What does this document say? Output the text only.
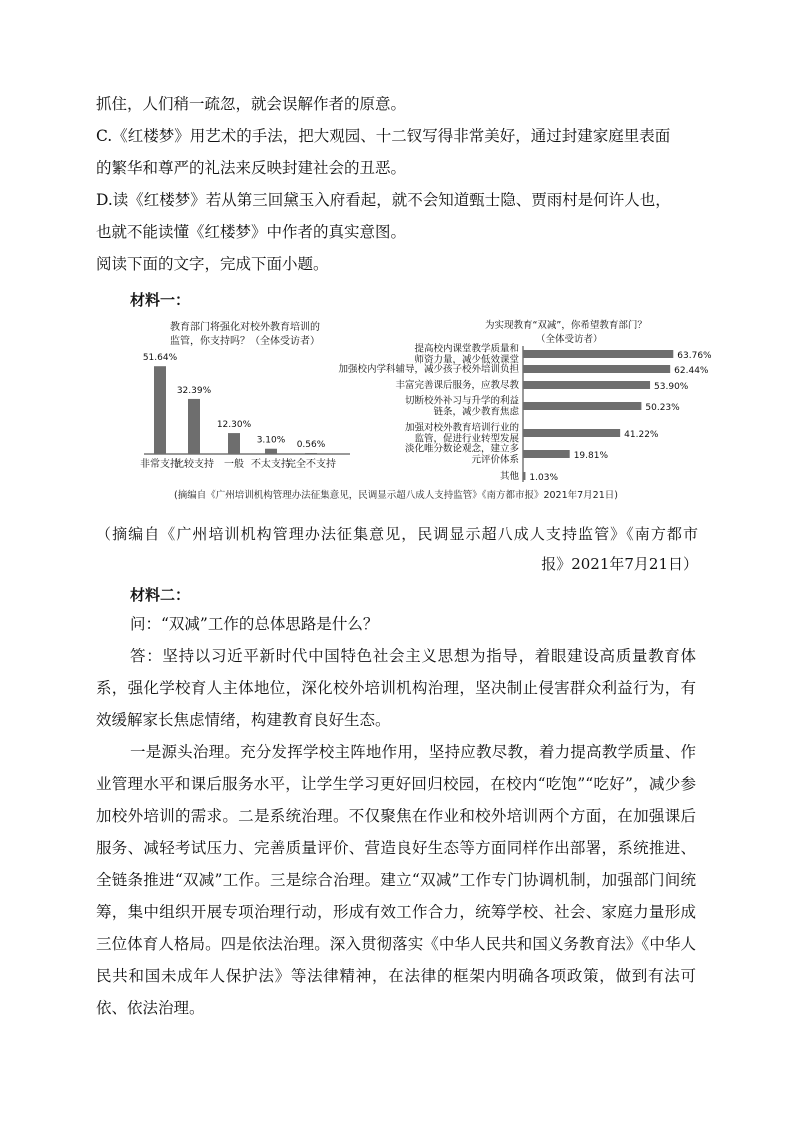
抓住，人们稍一疏忽，就会误解作者的原意。
C.《红楼梦》用艺术的手法，把大观园、十二钗写得非常美好，通过封建家庭里表面
的繁华和尊严的礼法来反映封建社会的丑恶。
D.读《红楼梦》若从第三回黛玉入府看起，就不会知道甄士隐、贾雨村是何许人也，
也就不能读懂《红楼梦》中作者的真实意图。
阅读下面的文字，完成下面小题。
材料一：
教育部门将强化对校外教育培训的
监管，你支持吗？（全体受访者）
51.64%
非常支持
32.39%
比较支持
12.30%
一般
3.10%
不太支持
0.56%
完全不支持
为实现教育“双减”，你希望教育部门？
（全体受访者）
63.76%
提高校内课堂教学质量和
师资力量，减少低效课堂
62.44%
加强校内学科辅导，减少孩子校外培训负担
53.90%
丰富完善课后服务，应教尽教
50.23%
切断校外补习与升学的利益
链条，减少教育焦虑
41.22%
加强对校外教育培训行业的
监管，促进行业转型发展
19.81%
淡化唯分数论观念，建立多
元评价体系
1.03%
其他
(摘编自《广州培训机构管理办法征集意见，民调显示超八成人支持监管》《南方都市报》2021年7月21日)
（摘编自《广州培训机构管理办法征集意见，民调显示超八成人支持监管》《南方都市
报》2021年7月21日）
材料二：

问：“双减”工作的总体思路是什么？

答：坚持以习近平新时代中国特色社会主义思想为指导，着眼建设高质量教育体系，强化学校育人主体地位，深化校外培训机构治理，坚决制止侵害群众利益行为，有效缓解家长焦虑情绪，构建教育良好生态。

一是源头治理。充分发挥学校主阵地作用，坚持应教尽教，着力提高教学质量、作业管理水平和课后服务水平，让学生学习更好回归校园，在校内“吃饱”“吃好”，减少参加校外培训的需求。二是系统治理。不仅聚焦在作业和校外培训两个方面，在加强课后服务、减轻考试压力、完善质量评价、营造良好生态等方面同样作出部署，系统推进、全链条推进“双减”工作。三是综合治理。建立“双减”工作专门协调机制，加强部门间统筹，集中组织开展专项治理行动，形成有效工作合力，统筹学校、社会、家庭力量形成三位体育人格局。四是依法治理。深入贯彻落实《中华人民共和国义务教育法》《中华人民共和国未成年人保护法》等法律精神，在法律的框架内明确各项政策，做到有法可依、依法治理。
